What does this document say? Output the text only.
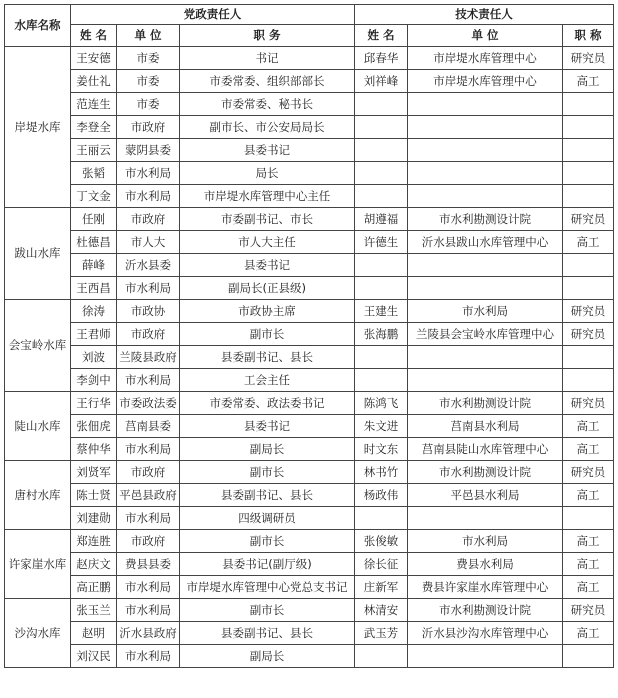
水库名称	党政责任人			技术责任人		
	姓 名	单 位	职 务	姓 名	单 位	职 称
岸堤水库	王安德	市委	书记	邱春华	市岸堤水库管理中心	研究员
	姜仕礼	市委	市委常委、组织部部长	刘祥峰	市岸堤水库管理中心	高工
	范连生	市委	市委常委、秘书长			
	李登全	市政府	副市长、市公安局局长			
	王丽云	蒙阴县委	县委书记			
	张韬	市水利局	局长			
	丁文金	市水利局	市岸堤水库管理中心主任			
跋山水库	任刚	市政府	市委副书记、市长	胡遵福	市水利勘测设计院	研究员
	杜德昌	市人大	市人大主任	许德生	沂水县跋山水库管理中心	高工
	薛峰	沂水县委	县委书记			
	王西昌	市水利局	副局长(正县级)			
会宝岭水库	徐涛	市政协	市政协主席	王建生	市水利局	研究员
	王君师	市政府	副市长	张海鹏	兰陵县会宝岭水库管理中心	研究员
	刘波	兰陵县政府	县委副书记、县长			
	李剑中	市水利局	工会主任			
陡山水库	王行华	市委政法委	市委常委、政法委书记	陈鸿飞	市水利勘测设计院	研究员
	张佃虎	莒南县委	县委书记	朱文进	莒南县水利局	高工
	蔡仲华	市水利局	副局长	时文东	莒南县陡山水库管理中心	高工
唐村水库	刘贤军	市政府	副市长	林书竹	市水利勘测设计院	研究员
	陈士贤	平邑县政府	县委副书记、县长	杨政伟	平邑县水利局	高工
	刘建勋	市水利局	四级调研员			
许家崖水库	郑连胜	市政府	副市长	张俊敏	市水利局	高工
	赵庆文	费县县委	县委书记(副厅级)	徐长征	费县水利局	高工
	高正鹏	市水利局	市岸堤水库管理中心党总支书记	庄新军	费县许家崖水库管理中心	高工
沙沟水库	张玉兰	市水利局	副市长	林清安	市水利勘测设计院	研究员
	赵明	沂水县政府	县委副书记、县长	武玉芳	沂水县沙沟水库管理中心	高工
	刘汉民	市水利局	副局长			
